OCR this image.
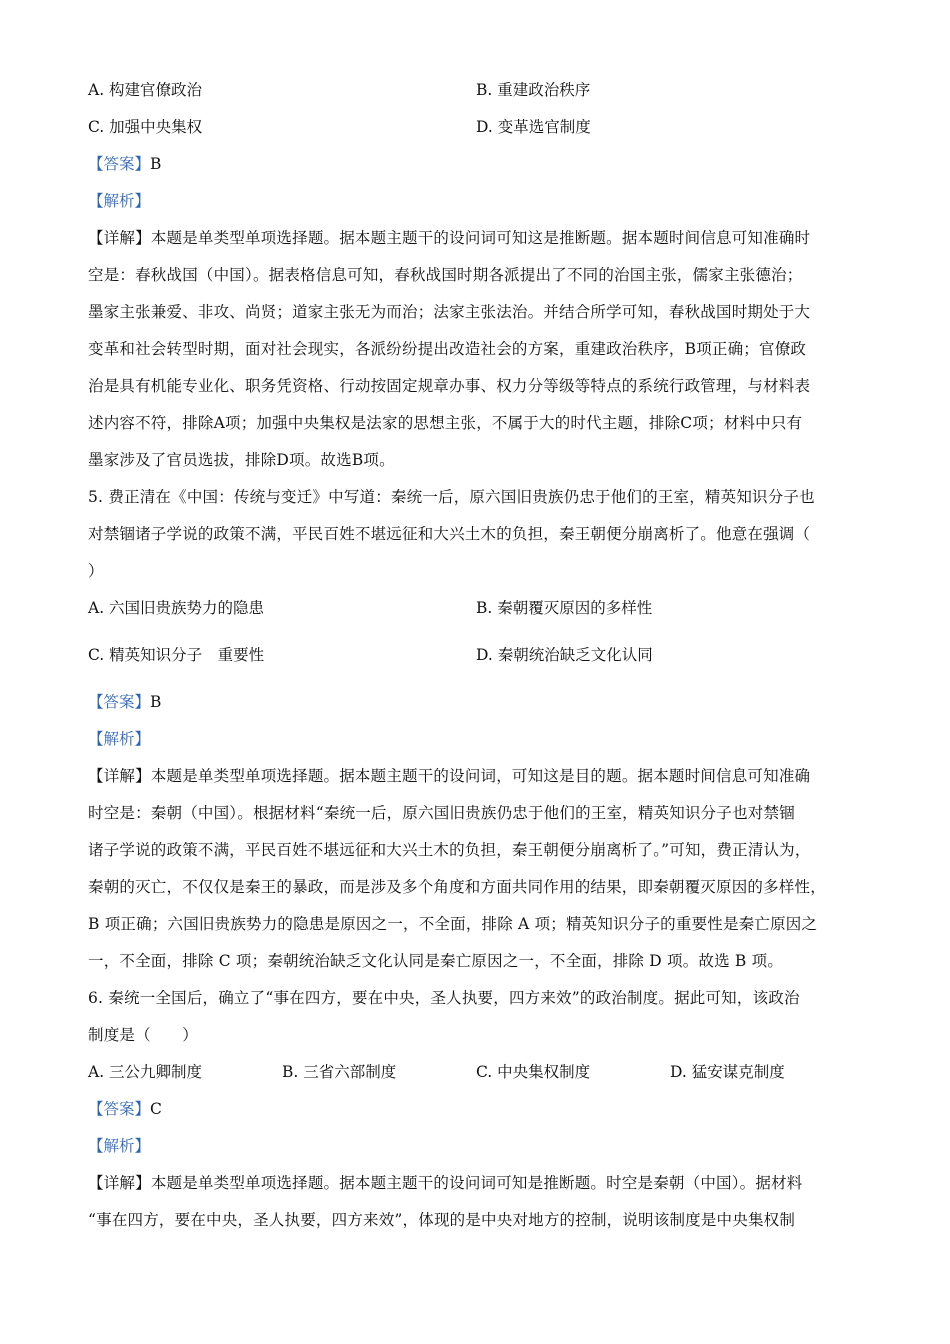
A. 构建官僚政治	B. 重建政治秩序
C. 加强中央集权	D. 变革选官制度
【答案】B
【解析】
【详解】本题是单类型单项选择题。据本题主题干的设问词可知这是推断题。据本题时间信息可知准确时
空是：春秋战国（中国）。据表格信息可知，春秋战国时期各派提出了不同的治国主张，儒家主张德治；
墨家主张兼爱、非攻、尚贤；道家主张无为而治；法家主张法治。并结合所学可知，春秋战国时期处于大
变革和社会转型时期，面对社会现实，各派纷纷提出改造社会的方案，重建政治秩序，B项正确；官僚政
治是具有机能专业化、职务凭资格、行动按固定规章办事、权力分等级等特点的系统行政管理，与材料表
述内容不符，排除A项；加强中央集权是法家的思想主张，不属于大的时代主题，排除C项；材料中只有
墨家涉及了官员选拔，排除D项。故选B项。
5. 费正清在《中国：传统与变迁》中写道：秦统一后，原六国旧贵族仍忠于他们的王室，精英知识分子也
对禁锢诸子学说的政策不满，平民百姓不堪远征和大兴土木的负担，秦王朝便分崩离析了。他意在强调（
）
A. 六国旧贵族势力的隐患	B. 秦朝覆灭原因的多样性
C. 精英知识分子　重要性	D. 秦朝统治缺乏文化认同
【答案】B
【解析】
【详解】本题是单类型单项选择题。据本题主题干的设问词，可知这是目的题。据本题时间信息可知准确
时空是：秦朝（中国）。根据材料“秦统一后，原六国旧贵族仍忠于他们的王室，精英知识分子也对禁锢
诸子学说的政策不满，平民百姓不堪远征和大兴土木的负担，秦王朝便分崩离析了。”可知，费正清认为，
秦朝的灭亡，不仅仅是秦王的暴政，而是涉及多个角度和方面共同作用的结果，即秦朝覆灭原因的多样性，
B 项正确；六国旧贵族势力的隐患是原因之一，不全面，排除 A 项；精英知识分子的重要性是秦亡原因之
一，不全面，排除 C 项；秦朝统治缺乏文化认同是秦亡原因之一，不全面，排除 D 项。故选 B 项。
6. 秦统一全国后，确立了“事在四方，要在中央，圣人执要，四方来效”的政治制度。据此可知，该政治
制度是（　　）
A. 三公九卿制度	B. 三省六部制度	C. 中央集权制度	D. 猛安谋克制度
【答案】C
【解析】
【详解】本题是单类型单项选择题。据本题主题干的设问词可知是推断题。时空是秦朝（中国）。据材料
“事在四方，要在中央，圣人执要，四方来效”，体现的是中央对地方的控制，说明该制度是中央集权制
